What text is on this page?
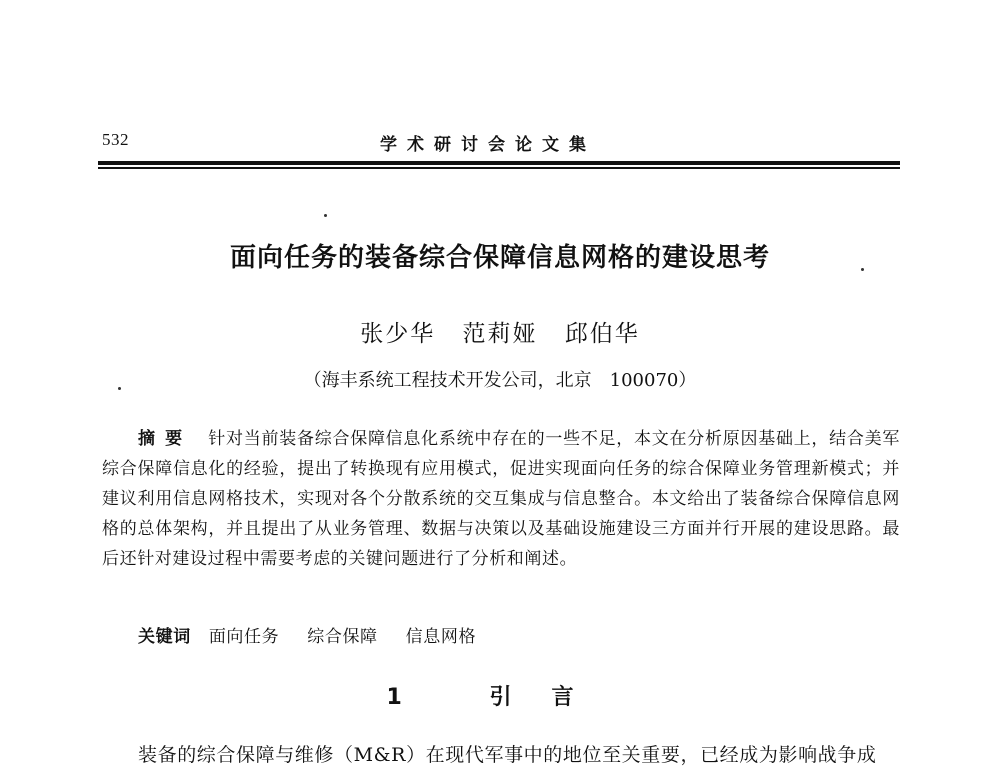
532	学术研讨会论文集
面向任务的装备综合保障信息网格的建设思考
张少华 范莉娅 邱伯华
（海丰系统工程技术开发公司，北京　100070）
摘要 针对当前装备综合保障信息化系统中存在的一些不足，本文在分析原因基础上，结合美军综合保障信息化的经验，提出了转换现有应用模式，促进实现面向任务的综合保障业务管理新模式；并建议利用信息网格技术，实现对各个分散系统的交互集成与信息整合。本文给出了装备综合保障信息网格的总体架构，并且提出了从业务管理、数据与决策以及基础设施建设三方面并行开展的建设思路。最后还针对建设过程中需要考虑的关键问题进行了分析和阐述。
关键词 面向任务 综合保障 信息网格
1 引言
装备的综合保障与维修（M&R）在现代军事中的地位至关重要，已经成为影响战争成
